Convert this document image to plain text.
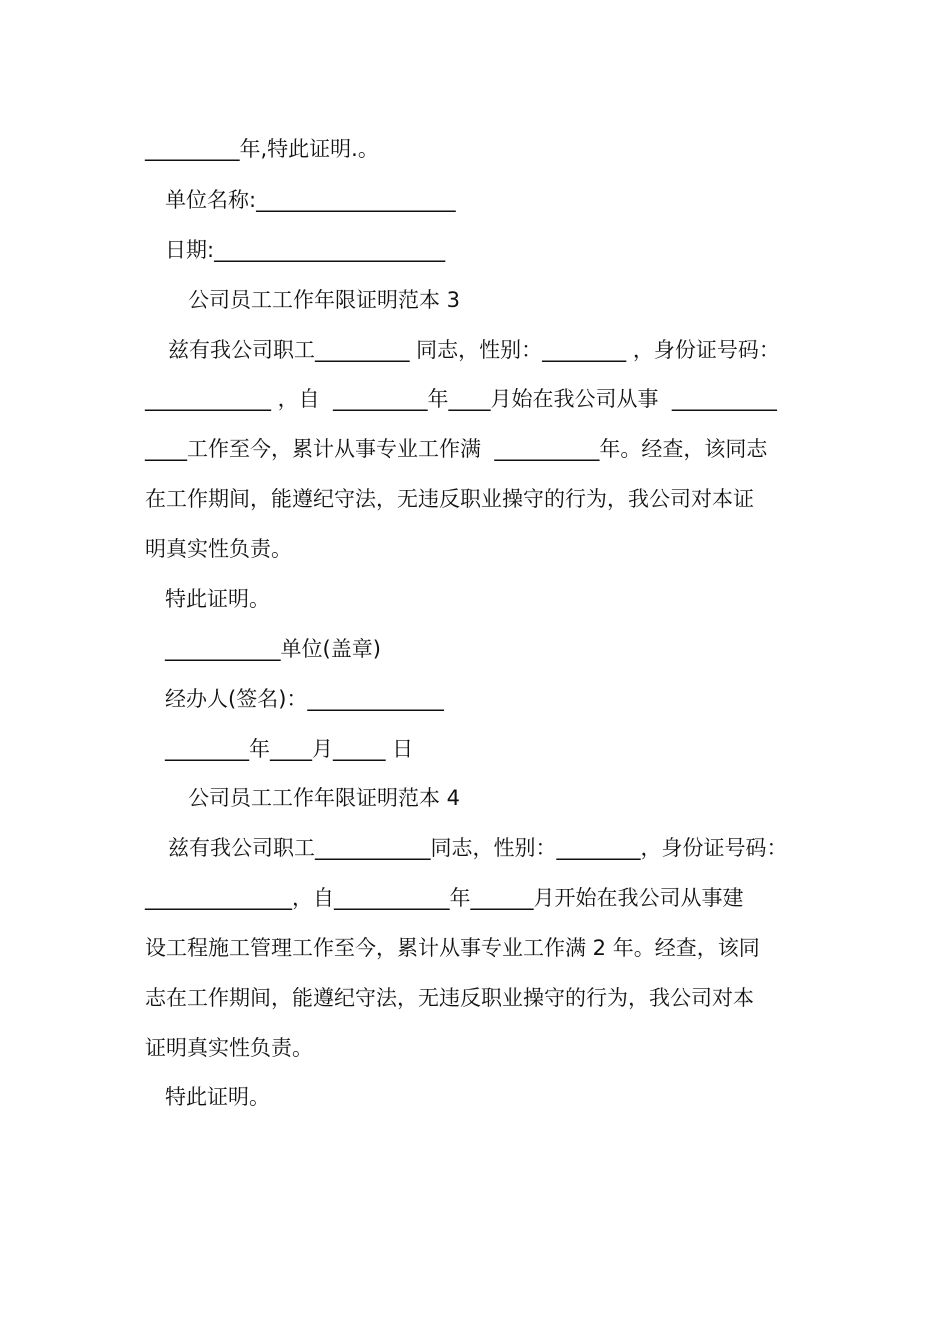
_________年,特此证明.。
单位名称:___________________
日期:______________________
公司员工工作年限证明范本 3
兹有我公司职工_________ 同志，性别：________ ，身份证号码：
____________ ，自  _________年____月始在我公司从事  __________
____工作至今，累计从事专业工作满  __________年。经查，该同志
在工作期间，能遵纪守法，无违反职业操守的行为，我公司对本证
明真实性负责。
特此证明。
___________单位(盖章)
经办人(签名)：_____________
________年____月_____ 日
公司员工工作年限证明范本 4
兹有我公司职工___________同志，性别：________，身份证号码：
______________，自___________年______月开始在我公司从事建
设工程施工管理工作至今，累计从事专业工作满 2 年。经查，该同
志在工作期间，能遵纪守法，无违反职业操守的行为，我公司对本
证明真实性负责。
特此证明。
